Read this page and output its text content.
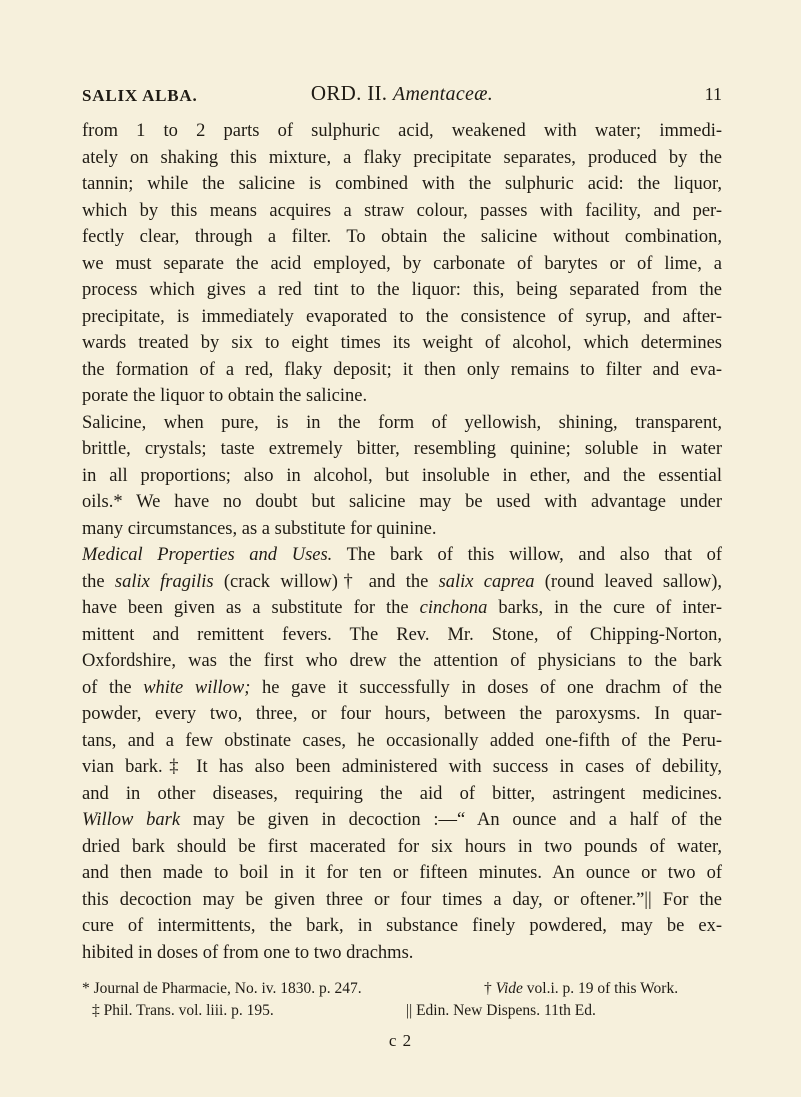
SALIX ALBA.	ORD. II. Amentaceæ.	11
from 1 to 2 parts of sulphuric acid, weakened with water; immedi-
ately on shaking this mixture, a flaky precipitate separates, produced by the
tannin; while the salicine is combined with the sulphuric acid: the liquor,
which by this means acquires a straw colour, passes with facility, and per-
fectly clear, through a filter. To obtain the salicine without combination,
we must separate the acid employed, by carbonate of barytes or of lime, a
process which gives a red tint to the liquor: this, being separated from the
precipitate, is immediately evaporated to the consistence of syrup, and after-
wards treated by six to eight times its weight of alcohol, which determines
the formation of a red, flaky deposit; it then only remains to filter and eva-
porate the liquor to obtain the salicine.
Salicine, when pure, is in the form of yellowish, shining, transparent,
brittle, crystals; taste extremely bitter, resembling quinine; soluble in water
in all proportions; also in alcohol, but insoluble in ether, and the essential
oils.* We have no doubt but salicine may be used with advantage under
many circumstances, as a substitute for quinine.
Medical Properties and Uses. The bark of this willow, and also that of
the salix fragilis (crack willow)† and the salix caprea (round leaved sallow),
have been given as a substitute for the cinchona barks, in the cure of inter-
mittent and remittent fevers. The Rev. Mr. Stone, of Chipping-Norton,
Oxfordshire, was the first who drew the attention of physicians to the bark
of the white willow; he gave it successfully in doses of one drachm of the
powder, every two, three, or four hours, between the paroxysms. In quar-
tans, and a few obstinate cases, he occasionally added one-fifth of the Peru-
vian bark.‡ It has also been administered with success in cases of debility,
and in other diseases, requiring the aid of bitter, astringent medicines.
Willow bark may be given in decoction :—“ An ounce and a half of the
dried bark should be first macerated for six hours in two pounds of water,
and then made to boil in it for ten or fifteen minutes. An ounce or two of
this decoction may be given three or four times a day, or oftener.”|| For the
cure of intermittents, the bark, in substance finely powdered, may be ex-
hibited in doses of from one to two drachms.
* Journal de Pharmacie, No. iv. 1830. p. 247.	† Vide vol.i. p. 19 of this Work.
‡ Phil. Trans. vol. liii. p. 195.	|| Edin. New Dispens. 11th Ed.
c 2
